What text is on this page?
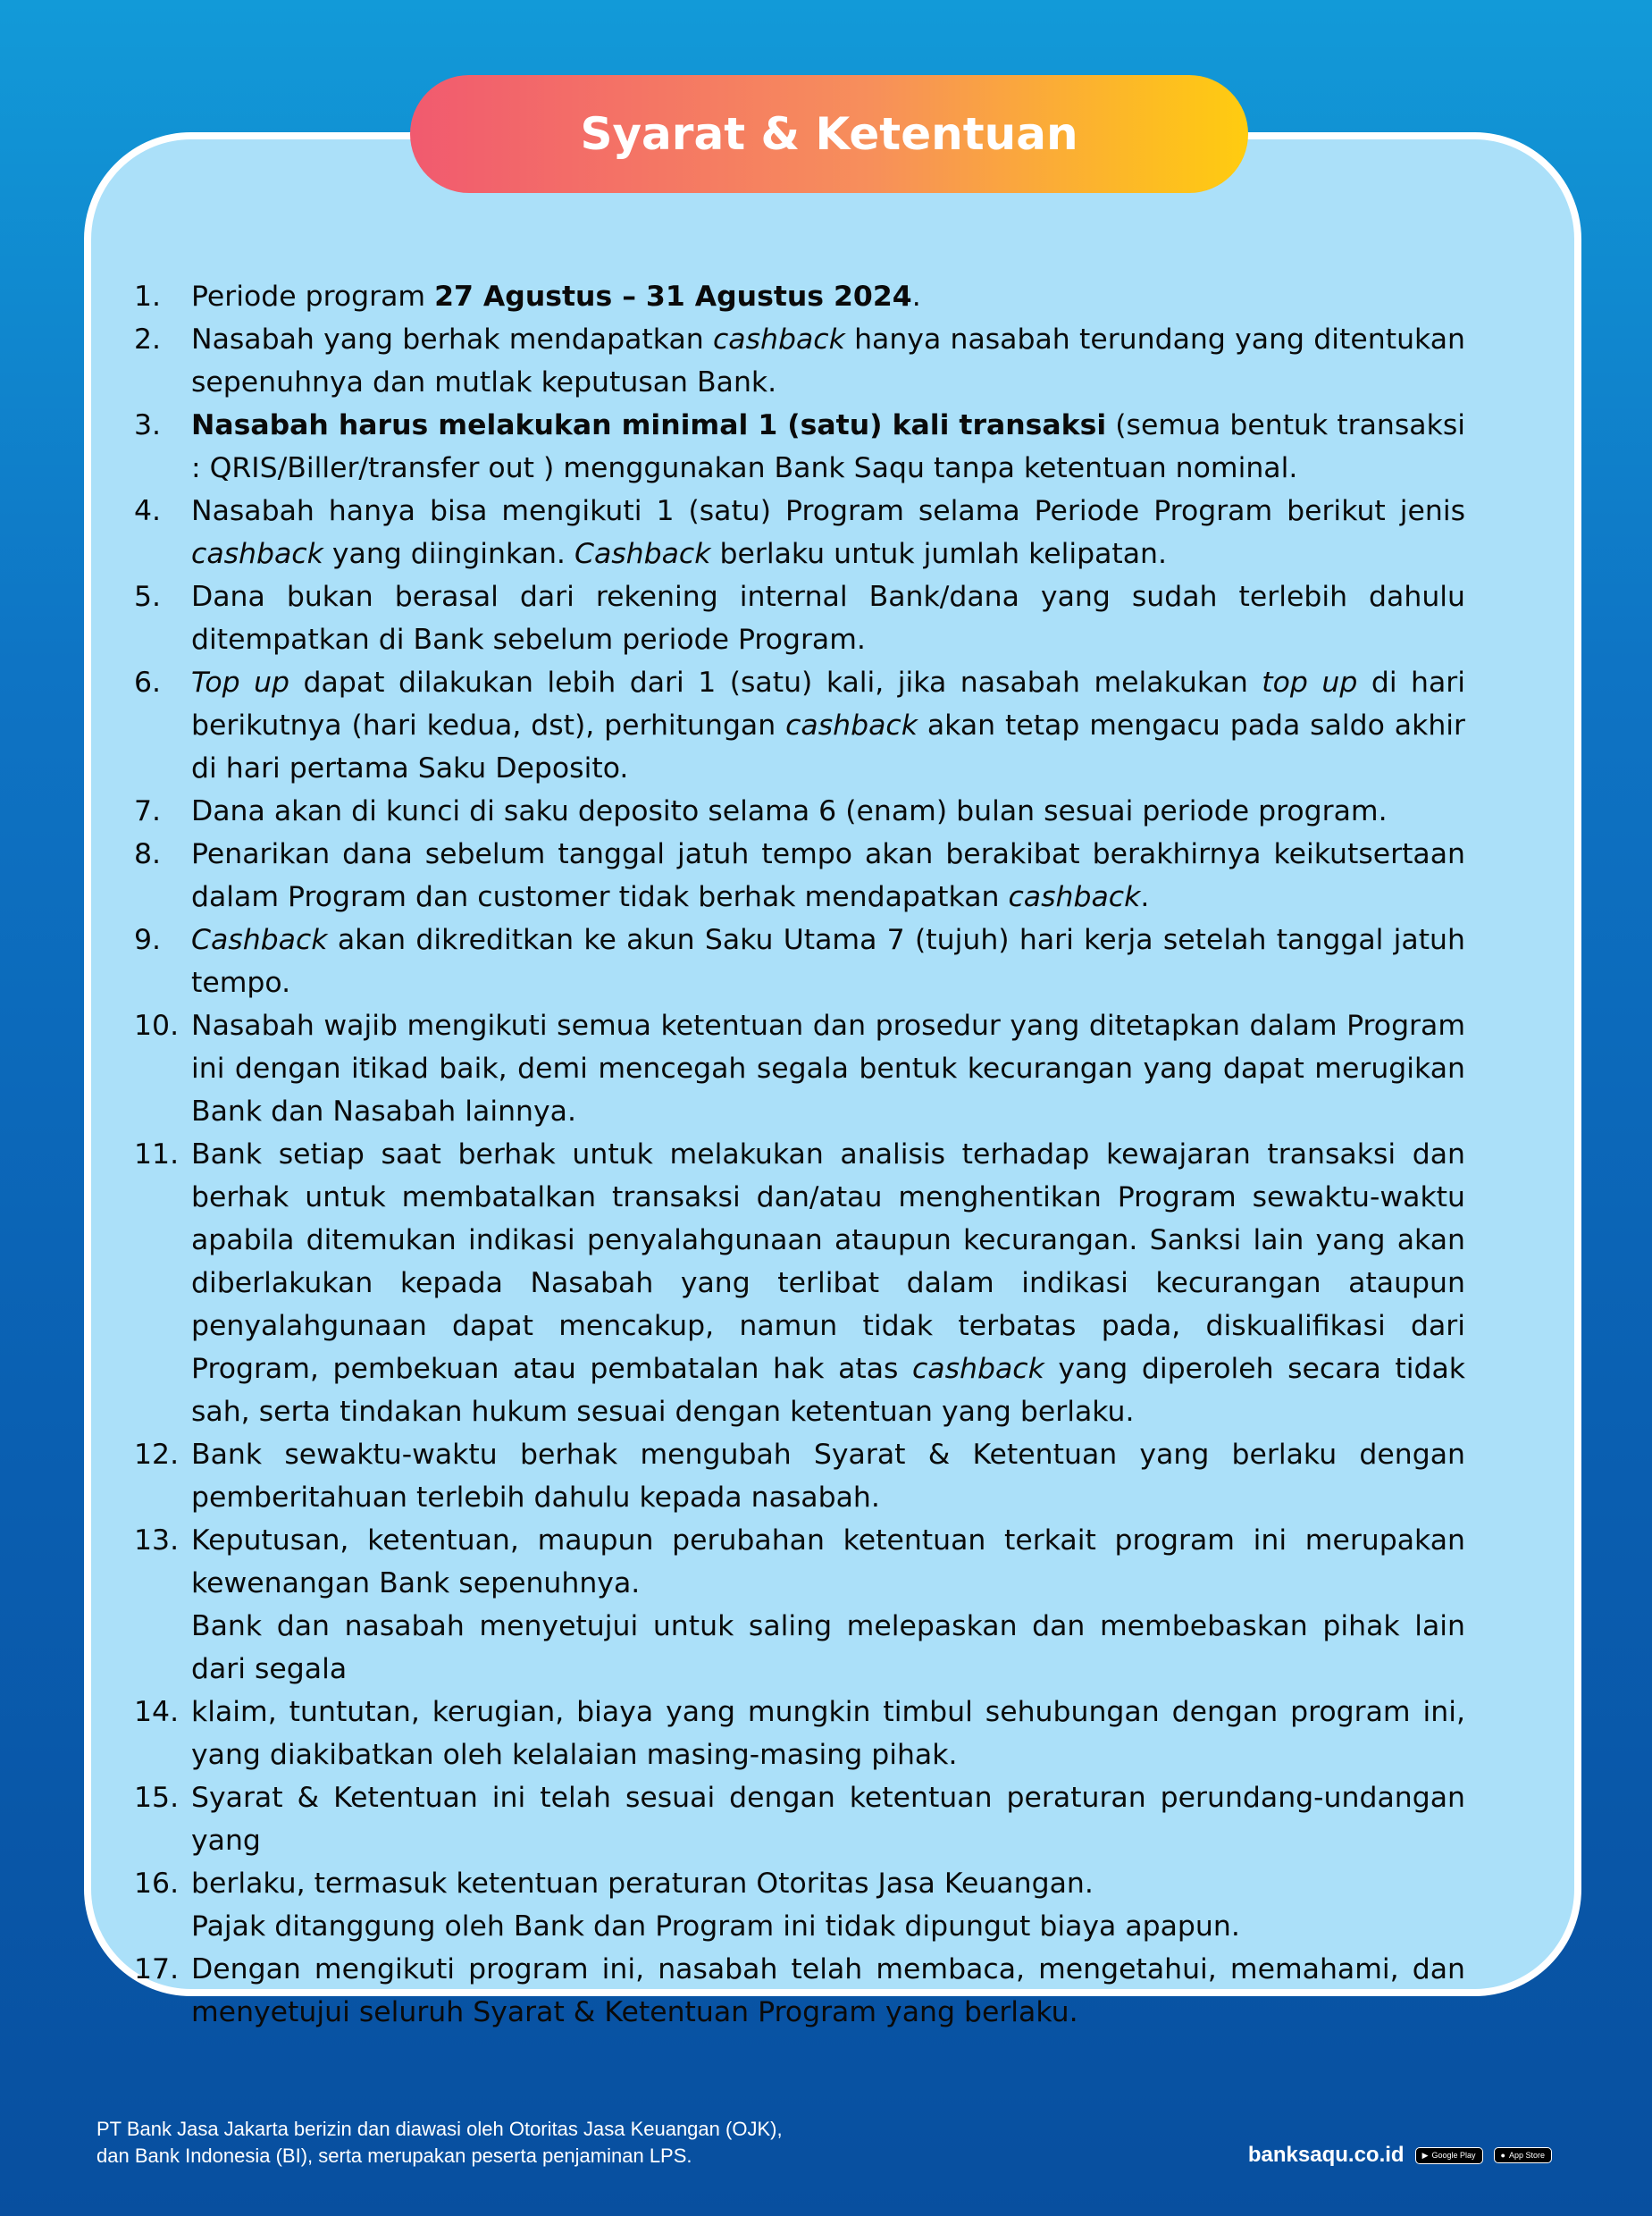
Syarat & Ketentuan
1.	Periode program 27 Agustus – 31 Agustus 2024.
2.	Nasabah yang berhak mendapatkan cashback hanya nasabah terundang yang ditentukan sepenuhnya dan mutlak keputusan Bank.
3.	Nasabah harus melakukan minimal 1 (satu) kali transaksi (semua bentuk transaksi : QRIS/Biller/transfer out ) menggunakan Bank Saqu tanpa ketentuan nominal.
4.	Nasabah hanya bisa mengikuti 1 (satu) Program selama Periode Program berikut jenis cashback yang diinginkan. Cashback berlaku untuk jumlah kelipatan.
5.	Dana bukan berasal dari rekening internal Bank/dana yang sudah terlebih dahulu ditempatkan di Bank sebelum periode Program.
6.	Top up dapat dilakukan lebih dari 1 (satu) kali, jika nasabah melakukan top up di hari berikutnya (hari kedua, dst), perhitungan cashback akan tetap mengacu pada saldo akhir di hari pertama Saku Deposito.
7.	Dana akan di kunci di saku deposito selama 6 (enam) bulan sesuai periode program.
8.	Penarikan dana sebelum tanggal jatuh tempo akan berakibat berakhirnya keikutsertaan dalam Program dan customer tidak berhak mendapatkan cashback.
9.	Cashback akan dikreditkan ke akun Saku Utama 7 (tujuh) hari kerja setelah tanggal jatuh tempo.
10. Nasabah wajib mengikuti semua ketentuan dan prosedur yang ditetapkan dalam Program ini dengan itikad baik, demi mencegah segala bentuk kecurangan yang dapat merugikan Bank dan Nasabah lainnya.
11. Bank setiap saat berhak untuk melakukan analisis terhadap kewajaran transaksi dan berhak untuk membatalkan transaksi dan/atau menghentikan Program sewaktu-waktu apabila ditemukan indikasi penyalahgunaan ataupun kecurangan. Sanksi lain yang akan diberlakukan kepada Nasabah yang terlibat dalam indikasi kecurangan ataupun penyalahgunaan dapat mencakup, namun tidak terbatas pada, diskualifikasi dari Program, pembekuan atau pembatalan hak atas cashback yang diperoleh secara tidak sah, serta tindakan hukum sesuai dengan ketentuan yang berlaku.
12. Bank sewaktu-waktu berhak mengubah Syarat & Ketentuan yang berlaku dengan pemberitahuan terlebih dahulu kepada nasabah.
13. Keputusan, ketentuan, maupun perubahan ketentuan terkait program ini merupakan kewenangan Bank sepenuhnya.
Bank dan nasabah menyetujui untuk saling melepaskan dan membebaskan pihak lain dari segala
14. klaim, tuntutan, kerugian, biaya yang mungkin timbul sehubungan dengan program ini, yang diakibatkan oleh kelalaian masing-masing pihak.
15. Syarat & Ketentuan ini telah sesuai dengan ketentuan peraturan perundang-undangan yang
16. berlaku, termasuk ketentuan peraturan Otoritas Jasa Keuangan.
Pajak ditanggung oleh Bank dan Program ini tidak dipungut biaya apapun.
17. Dengan mengikuti program ini, nasabah telah membaca, mengetahui, memahami, dan menyetujui seluruh Syarat & Ketentuan Program yang berlaku.
PT Bank Jasa Jakarta berizin dan diawasi oleh Otoritas Jasa Keuangan (OJK),
dan Bank Indonesia (BI), serta merupakan peserta penjaminan LPS.	banksaqu.co.id ▶ Google Play	● App Store
